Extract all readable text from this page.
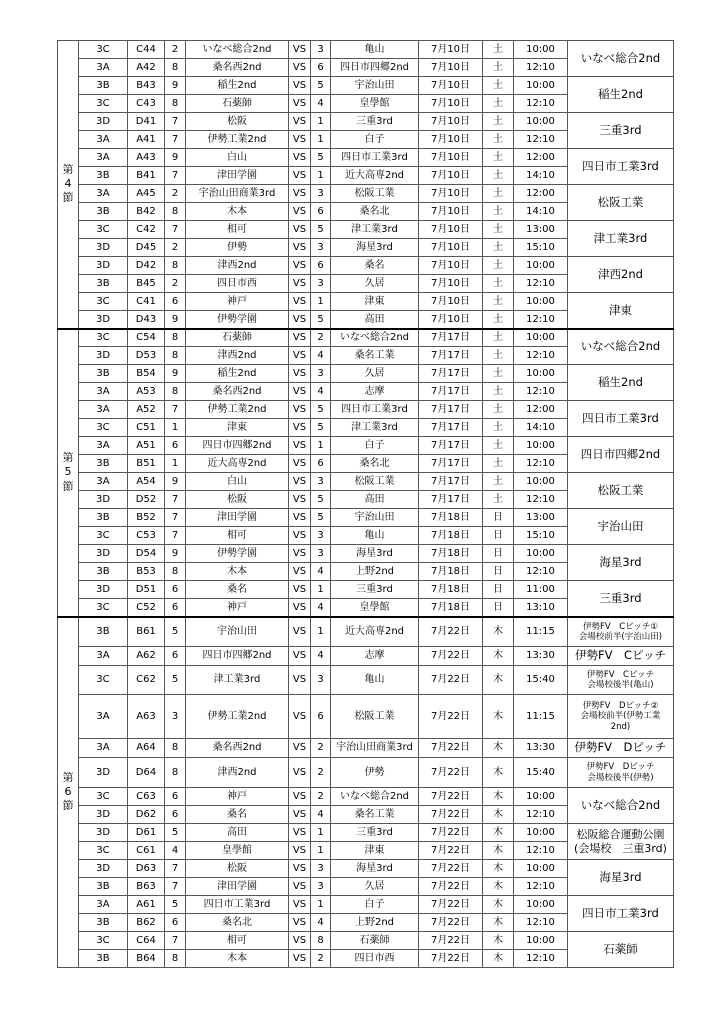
第4節	3C	C44	2	いなべ総合2nd	VS	3	亀山	7月10日	土	10:00	いなべ総合2nd
	3A	A42	8	桑名西2nd	VS	6	四日市四郷2nd	7月10日	土	12:10	
	3B	B43	9	稲生2nd	VS	5	宇治山田	7月10日	土	10:00	稲生2nd
	3C	C43	8	石薬師	VS	4	皇學館	7月10日	土	12:10	
	3D	D41	7	松阪	VS	1	三重3rd	7月10日	土	10:00	三重3rd
	3A	A41	7	伊勢工業2nd	VS	1	白子	7月10日	土	12:10	
	3A	A43	9	白山	VS	5	四日市工業3rd	7月10日	土	12:00	四日市工業3rd
	3B	B41	7	津田学園	VS	1	近大高専2nd	7月10日	土	14:10	
	3A	A45	2	宇治山田商業3rd	VS	3	松阪工業	7月10日	土	12:00	松阪工業
	3B	B42	8	木本	VS	6	桑名北	7月10日	土	14:10	
	3C	C42	7	相可	VS	5	津工業3rd	7月10日	土	13:00	津工業3rd
	3D	D45	2	伊勢	VS	3	海星3rd	7月10日	土	15:10	
	3D	D42	8	津西2nd	VS	6	桑名	7月10日	土	10:00	津西2nd
	3B	B45	2	四日市西	VS	3	久居	7月10日	土	12:10	
	3C	C41	6	神戸	VS	1	津東	7月10日	土	10:00	津東
	3D	D43	9	伊勢学園	VS	5	高田	7月10日	土	12:10	
第5節	3C	C54	8	石薬師	VS	2	いなべ総合2nd	7月17日	土	10:00	いなべ総合2nd
	3D	D53	8	津西2nd	VS	4	桑名工業	7月17日	土	12:10	
	3B	B54	9	稲生2nd	VS	3	久居	7月17日	土	10:00	稲生2nd
	3A	A53	8	桑名西2nd	VS	4	志摩	7月17日	土	12:10	
	3A	A52	7	伊勢工業2nd	VS	5	四日市工業3rd	7月17日	土	12:00	四日市工業3rd
	3C	C51	1	津東	VS	5	津工業3rd	7月17日	土	14:10	
	3A	A51	6	四日市四郷2nd	VS	1	白子	7月17日	土	10:00	四日市四郷2nd
	3B	B51	1	近大高専2nd	VS	6	桑名北	7月17日	土	12:10	
	3A	A54	9	白山	VS	3	松阪工業	7月17日	土	10:00	松阪工業
	3D	D52	7	松阪	VS	5	高田	7月17日	土	12:10	
	3B	B52	7	津田学園	VS	5	宇治山田	7月18日	日	13:00	宇治山田
	3C	C53	7	相可	VS	3	亀山	7月18日	日	15:10	
	3D	D54	9	伊勢学園	VS	3	海星3rd	7月18日	日	10:00	海星3rd
	3B	B53	8	木本	VS	4	上野2nd	7月18日	日	12:10	
	3D	D51	6	桑名	VS	1	三重3rd	7月18日	日	11:00	三重3rd
	3C	C52	6	神戸	VS	4	皇學館	7月18日	日	13:10	
第6節	3B	B61	5	宇治山田	VS	1	近大高専2nd	7月22日	木	11:15	伊勢FV　Cピッチ①
会場校前半(宇治山田)
	3A	A62	6	四日市四郷2nd	VS	4	志摩	7月22日	木	13:30	伊勢FV　Cピッチ
	3C	C62	5	津工業3rd	VS	3	亀山	7月22日	木	15:40	伊勢FV　Cピッチ
会場校後半(亀山)
	3A	A63	3	伊勢工業2nd	VS	6	松阪工業	7月22日	木	11:15	伊勢FV　Dピッチ②
会場校前半(伊勢工業
2nd)
	3A	A64	8	桑名西2nd	VS	2	宇治山田商業3rd	7月22日	木	13:30	伊勢FV　Dピッチ
	3D	D64	8	津西2nd	VS	2	伊勢	7月22日	木	15:40	伊勢FV　Dピッチ
会場校後半(伊勢)
	3C	C63	6	神戸	VS	2	いなべ総合2nd	7月22日	木	10:00	いなべ総合2nd
	3D	D62	6	桑名	VS	4	桑名工業	7月22日	木	12:10	
	3D	D61	5	高田	VS	1	三重3rd	7月22日	木	10:00	松阪総合運動公園
(会場校　三重3rd)
	3C	C61	4	皇學館	VS	1	津東	7月22日	木	12:10	
	3D	D63	7	松阪	VS	3	海星3rd	7月22日	木	10:00	海星3rd
	3B	B63	7	津田学園	VS	3	久居	7月22日	木	12:10	
	3A	A61	5	四日市工業3rd	VS	1	白子	7月22日	木	10:00	四日市工業3rd
	3B	B62	6	桑名北	VS	4	上野2nd	7月22日	木	12:10	
	3C	C64	7	相可	VS	8	石薬師	7月22日	木	10:00	石薬師
	3B	B64	8	木本	VS	2	四日市西	7月22日	木	12:10	
